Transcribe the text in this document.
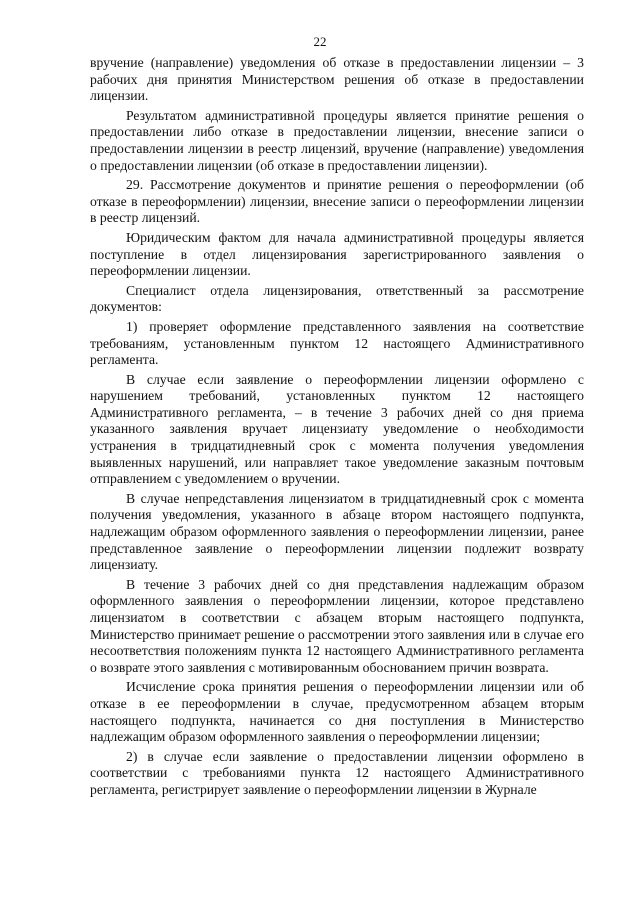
22

вручение (направление) уведомления об отказе в предоставлении лицензии – 3 рабочих дня принятия Министерством решения об отказе в предоставлении лицензии.

Результатом административной процедуры является принятие решения о предоставлении либо отказе в предоставлении лицензии, внесение записи о предоставлении лицензии в реестр лицензий, вручение (направление) уведомления о предоставлении лицензии (об отказе в предоставлении лицензии).

29. Рассмотрение документов и принятие решения о переоформлении (об отказе в переоформлении) лицензии, внесение записи о переоформлении лицензии в реестр лицензий.

Юридическим фактом для начала административной процедуры является поступление в отдел лицензирования зарегистрированного заявления о переоформлении лицензии.

Специалист отдела лицензирования, ответственный за рассмотрение документов:

1) проверяет оформление представленного заявления на соответствие требованиям, установленным пунктом 12 настоящего Административного регламента.

В случае если заявление о переоформлении лицензии оформлено с нарушением требований, установленных пунктом 12 настоящего Административного регламента, – в течение 3 рабочих дней со дня приема указанного заявления вручает лицензиату уведомление о необходимости устранения в тридцатидневный срок с момента получения уведомления выявленных нарушений, или направляет такое уведомление заказным почтовым отправлением с уведомлением о вручении.

В случае непредставления лицензиатом в тридцатидневный срок с момента получения уведомления, указанного в абзаце втором настоящего подпункта, надлежащим образом оформленного заявления о переоформлении лицензии, ранее представленное заявление о переоформлении лицензии подлежит возврату лицензиату.

В течение 3 рабочих дней со дня представления надлежащим образом оформленного заявления о переоформлении лицензии, которое представлено лицензиатом в соответствии с абзацем вторым настоящего подпункта, Министерство принимает решение о рассмотрении этого заявления или в случае его несоответствия положениям пункта 12 настоящего Административного регламента о возврате этого заявления с мотивированным обоснованием причин возврата.

Исчисление срока принятия решения о переоформлении лицензии или об отказе в ее переоформлении в случае, предусмотренном абзацем вторым настоящего подпункта, начинается со дня поступления в Министерство надлежащим образом оформленного заявления о переоформлении лицензии;

2) в случае если заявление о предоставлении лицензии оформлено в соответствии с требованиями пункта 12 настоящего Административного регламента, регистрирует заявление о переоформлении лицензии в Журнале
